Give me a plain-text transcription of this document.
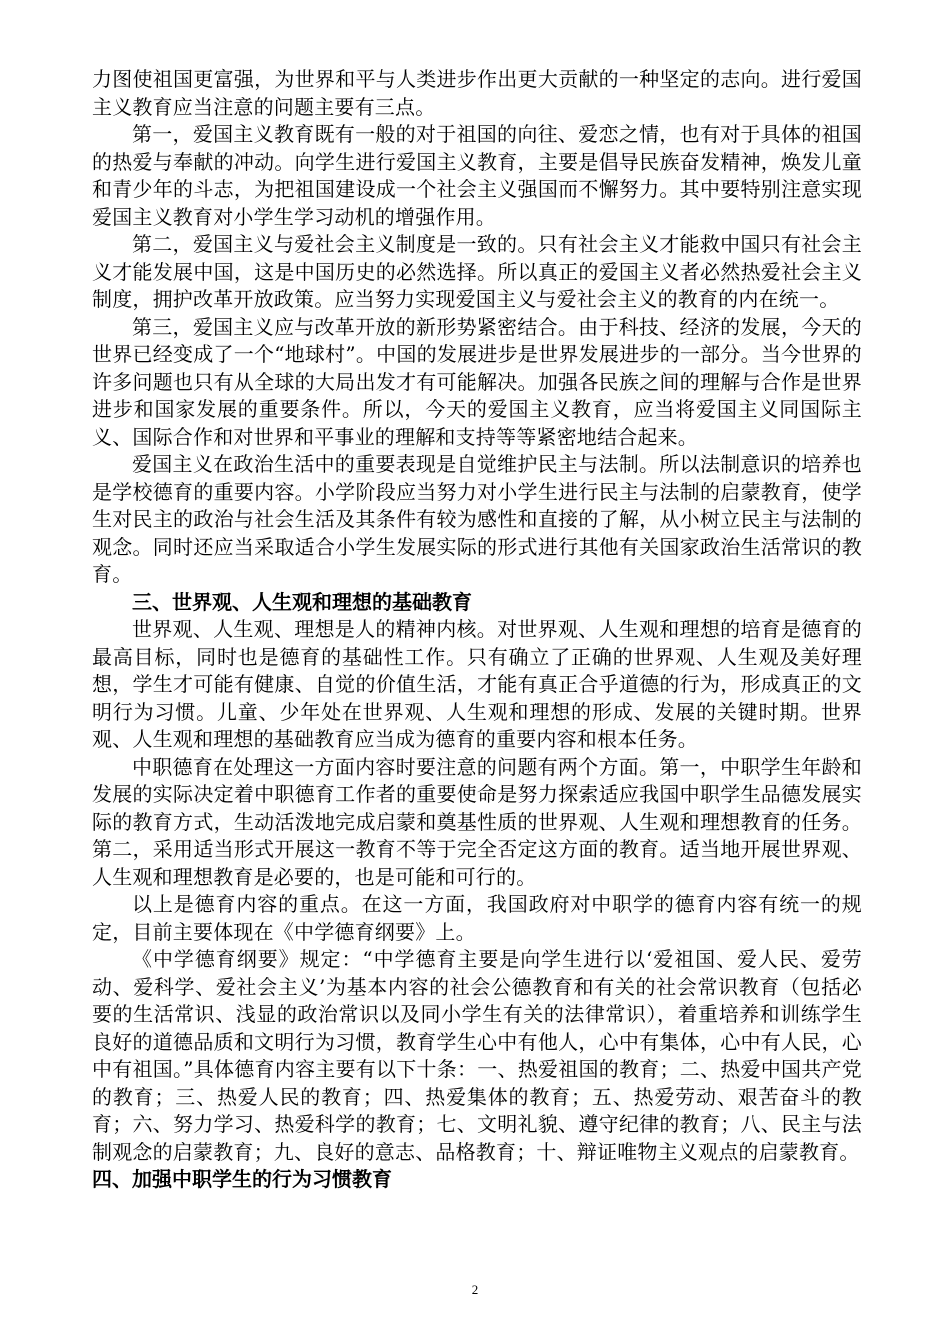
力图使祖国更富强，为世界和平与人类进步作出更大贡献的一种坚定的志向。进行爱国主义教育应当注意的问题主要有三点。

第一，爱国主义教育既有一般的对于祖国的向往、爱恋之情，也有对于具体的祖国的热爱与奉献的冲动。向学生进行爱国主义教育，主要是倡导民族奋发精神，焕发儿童和青少年的斗志，为把祖国建设成一个社会主义强国而不懈努力。其中要特别注意实现爱国主义教育对小学生学习动机的增强作用。

第二，爱国主义与爱社会主义制度是一致的。只有社会主义才能救中国只有社会主义才能发展中国，这是中国历史的必然选择。所以真正的爱国主义者必然热爱社会主义制度，拥护改革开放政策。应当努力实现爱国主义与爱社会主义的教育的内在统一。

第三，爱国主义应与改革开放的新形势紧密结合。由于科技、经济的发展，今天的世界已经变成了一个“地球村”。中国的发展进步是世界发展进步的一部分。当今世界的许多问题也只有从全球的大局出发才有可能解决。加强各民族之间的理解与合作是世界进步和国家发展的重要条件。所以，今天的爱国主义教育，应当将爱国主义同国际主义、国际合作和对世界和平事业的理解和支持等等紧密地结合起来。

爱国主义在政治生活中的重要表现是自觉维护民主与法制。所以法制意识的培养也是学校德育的重要内容。小学阶段应当努力对小学生进行民主与法制的启蒙教育，使学生对民主的政治与社会生活及其条件有较为感性和直接的了解，从小树立民主与法制的观念。同时还应当采取适合小学生发展实际的形式进行其他有关国家政治生活常识的教育。

三、世界观、人生观和理想的基础教育

世界观、人生观、理想是人的精神内核。对世界观、人生观和理想的培育是德育的最高目标，同时也是德育的基础性工作。只有确立了正确的世界观、人生观及美好理想，学生才可能有健康、自觉的价值生活，才能有真正合乎道德的行为，形成真正的文明行为习惯。儿童、少年处在世界观、人生观和理想的形成、发展的关键时期。世界观、人生观和理想的基础教育应当成为德育的重要内容和根本任务。

中职德育在处理这一方面内容时要注意的问题有两个方面。第一，中职学生年龄和发展的实际决定着中职德育工作者的重要使命是努力探索适应我国中职学生品德发展实际的教育方式，生动活泼地完成启蒙和奠基性质的世界观、人生观和理想教育的任务。第二，采用适当形式开展这一教育不等于完全否定这方面的教育。适当地开展世界观、人生观和理想教育是必要的，也是可能和可行的。

以上是德育内容的重点。在这一方面，我国政府对中职学的德育内容有统一的规定，目前主要体现在《中学德育纲要》上。

《中学德育纲要》规定：“中学德育主要是向学生进行以‘爱祖国、爱人民、爱劳动、爱科学、爱社会主义’为基本内容的社会公德教育和有关的社会常识教育（包括必要的生活常识、浅显的政治常识以及同小学生有关的法律常识），着重培养和训练学生良好的道德品质和文明行为习惯，教育学生心中有他人，心中有集体，心中有人民，心中有祖国。”具体德育内容主要有以下十条：一、热爱祖国的教育；二、热爱中国共产党的教育；三、热爱人民的教育；四、热爱集体的教育；五、热爱劳动、艰苦奋斗的教育；六、努力学习、热爱科学的教育；七、文明礼貌、遵守纪律的教育；八、民主与法制观念的启蒙教育；九、良好的意志、品格教育；十、辩证唯物主义观点的启蒙教育。

四、加强中职学生的行为习惯教育
2
